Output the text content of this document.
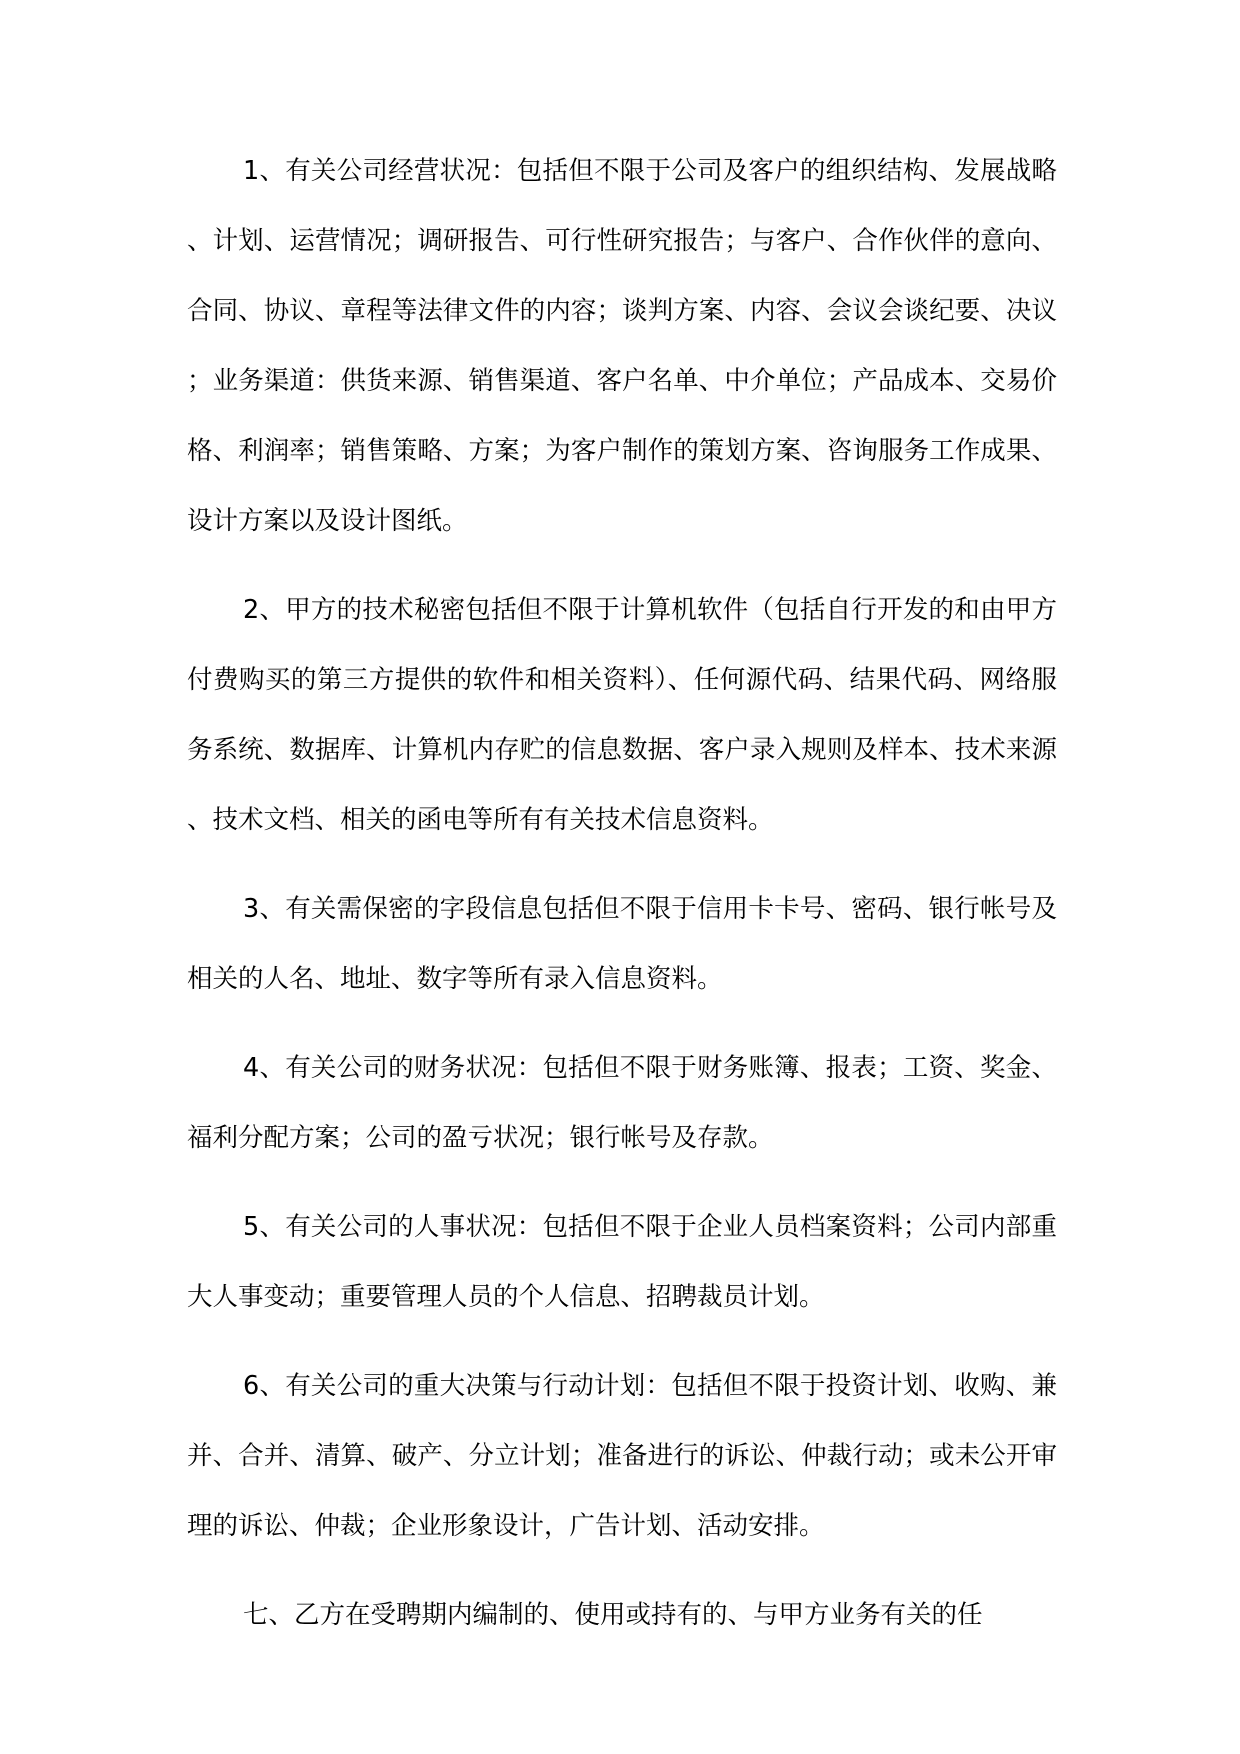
1、有关公司经营状况：包括但不限于公司及客户的组织结构、发展战略、计划、运营情况；调研报告、可行性研究报告；与客户、合作伙伴的意向、合同、协议、章程等法律文件的内容；谈判方案、内容、会议会谈纪要、决议；业务渠道：供货来源、销售渠道、客户名单、中介单位；产品成本、交易价格、利润率；销售策略、方案；为客户制作的策划方案、咨询服务工作成果、设计方案以及设计图纸。

2、甲方的技术秘密包括但不限于计算机软件（包括自行开发的和由甲方付费购买的第三方提供的软件和相关资料）、任何源代码、结果代码、网络服务系统、数据库、计算机内存贮的信息数据、客户录入规则及样本、技术来源、技术文档、相关的函电等所有有关技术信息资料。

3、有关需保密的字段信息包括但不限于信用卡卡号、密码、银行帐号及相关的人名、地址、数字等所有录入信息资料。

4、有关公司的财务状况：包括但不限于财务账簿、报表；工资、奖金、福利分配方案；公司的盈亏状况；银行帐号及存款。

5、有关公司的人事状况：包括但不限于企业人员档案资料；公司内部重大人事变动；重要管理人员的个人信息、招聘裁员计划。

6、有关公司的重大决策与行动计划：包括但不限于投资计划、收购、兼并、合并、清算、破产、分立计划；准备进行的诉讼、仲裁行动；或未公开审理的诉讼、仲裁；企业形象设计，广告计划、活动安排。

七、乙方在受聘期内编制的、使用或持有的、与甲方业务有关的任
